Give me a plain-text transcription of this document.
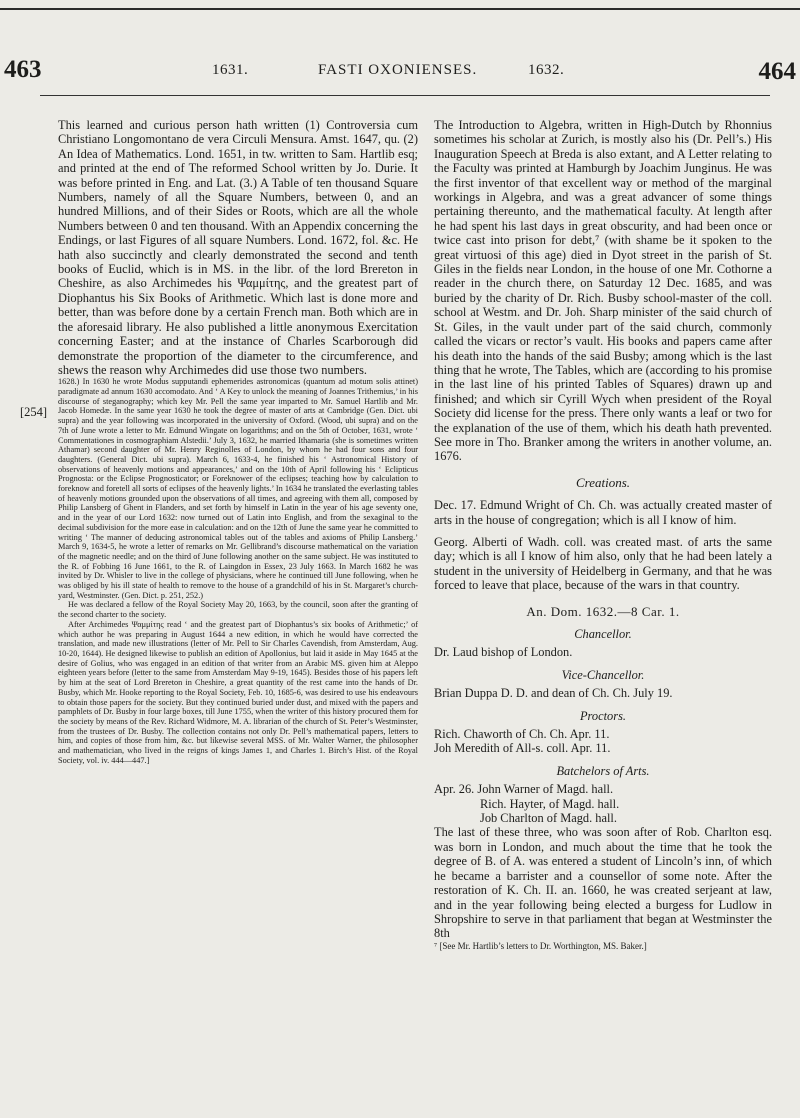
463	1631.	FASTI OXONIENSES.	1632.	464
[254]

This learned and curious person hath written (1) Controversia cum Christiano Longomontano de vera Circuli Mensura. Amst. 1647, qu. (2) An Idea of Mathematics. Lond. 1651, in tw. written to Sam. Hartlib esq; and printed at the end of The reformed School written by Jo. Durie. It was before printed in Eng. and Lat. (3.) A Table of ten thousand Square Numbers, namely of all the Square Numbers, between 0, and an hundred Millions, and of their Sides or Roots, which are all the whole Numbers between 0 and ten thousand. With an Appendix concerning the Endings, or last Figures of all square Numbers. Lond. 1672, fol. &c. He hath also succinctly and clearly demonstrated the second and tenth books of Euclid, which is in MS. in the libr. of the lord Brereton in Cheshire, as also Archimedes his Ψαμμίτης, and the greatest part of Diophantus his Six Books of Arithmetic. Which last is done more and better, than was before done by a certain French man. Both which are in the aforesaid library. He also published a little anonymous Exercitation concerning Easter; and at the instance of Charles Scarborough did demonstrate the proportion of the diameter to the circumference, and shews the reason why Archimedes did use those two numbers.

1628.) In 1630 he wrote Modus supputandi ephemerides astronomicas (quantum ad motum solis attinet) paradigmate ad annum 1630 accomodato. And ‘ A Key to unlock the meaning of Joannes Trithemius,’ in his discourse of steganography; which key Mr. Pell the same year imparted to Mr. Samuel Hartlib and Mr. Jacob Homedæ. In the same year 1630 he took the degree of master of arts at Cambridge (Gen. Dict. ubi supra) and the year following was incorporated in the university of Oxford. (Wood, ubi supra) and on the 7th of June wrote a letter to Mr. Edmund Wingate on logarithms; and on the 5th of October, 1631, wrote ‘ Commentationes in cosmographiam Alstedii.’ July 3, 1632, he married Ithamaria (she is sometimes written Athamar) second daughter of Mr. Henry Reginolles of London, by whom he had four sons and four daughters. (General Dict. ubi supra). March 6, 1633-4, he finished his ‘ Astronomical History of observations of heavenly motions and appearances,’ and on the 10th of April following his ‘ Eclipticus Prognosta: or the Eclipse Prognosticator; or Foreknower of the eclipses; teaching how by calculation to foreknow and foretell all sorts of eclipses of the heavenly lights.’ In 1634 he translated the everlasting tables of heavenly motions grounded upon the observations of all times, and agreeing with them all, composed by Philip Lansberg of Ghent in Flanders, and set forth by himself in Latin in the year of his age seventy one, and in the year of our Lord 1632: now turned out of Latin into English, and from the sexaginal to the decimal subdivision for the more ease in calculation: and on the 12th of June the same year he committed to writing ‘ The manner of deducing astronomical tables out of the tables and axioms of Philip Lansberg.’ March 9, 1634-5, he wrote a letter of remarks on Mr. Gellibrand’s discourse mathematical on the variation of the magnetic needle; and on the third of June following another on the same subject. He was instituted to the R. of Fobbing 16 June 1661, to the R. of Laingdon in Essex, 23 July 1663. In March 1682 he was invited by Dr. Whisler to live in the college of physicians, where he continued till June following, when he was obliged by his ill state of health to remove to the house of a grandchild of his in St. Margaret’s church-yard, Westminster. (Gen. Dict. p. 251, 252.)

He was declared a fellow of the Royal Society May 20, 1663, by the council, soon after the granting of the second charter to the society.

After Archimedes Ψαμμίτης read ‘ and the greatest part of Diophantus’s six books of Arithmetic;’ of which author he was preparing in August 1644 a new edition, in which he would have corrected the translation, and made new illustrations (letter of Mr. Pell to Sir Charles Cavendish, from Amsterdam, Aug. 10-20, 1644). He designed likewise to publish an edition of Apollonius, but laid it aside in May 1645 at the desire of Golius, who was engaged in an edition of that writer from an Arabic MS. given him at Aleppo eighteen years before (letter to the same from Amsterdam May 9-19, 1645). Besides those of his papers left by him at the seat of Lord Brereton in Cheshire, a great quantity of the rest came into the hands of Dr. Busby, which Mr. Hooke reporting to the Royal Society, Feb. 10, 1685-6, was desired to use his endeavours to obtain those papers for the society. But they continued buried under dust, and mixed with the papers and pamphlets of Dr. Busby in four large boxes, till June 1755, when the writer of this history procured them for the society by means of the Rev. Richard Widmore, M. A. librarian of the church of St. Peter’s Westminster, from the trustees of Dr. Busby. The collection contains not only Dr. Pell’s mathematical papers, letters to him, and copies of those from him, &c. but likewise several MSS. of Mr. Walter Warner, the philosopher and mathematician, who lived in the reigns of kings James 1, and Charles 1. Birch’s Hist. of the Royal Society, vol. iv. 444—447.]

The Introduction to Algebra, written in High-Dutch by Rhonnius sometimes his scholar at Zurich, is mostly also his (Dr. Pell’s.) His Inauguration Speech at Breda is also extant, and A Letter relating to the Faculty was printed at Hamburgh by Joachim Junginus. He was the first inventor of that excellent way or method of the marginal workings in Algebra, and was a great advancer of some things pertaining thereunto, and the mathematical faculty. At length after he had spent his last days in great obscurity, and had been once or twice cast into prison for debt,⁷ (with shame be it spoken to the great virtuosi of this age) died in Dyot street in the parish of St. Giles in the fields near London, in the house of one Mr. Cothorne a reader in the church there, on Saturday 12 Dec. 1685, and was buried by the charity of Dr. Rich. Busby school-master of the coll. school at Westm. and Dr. Joh. Sharp minister of the said church of St. Giles, in the vault under part of the said church, commonly called the vicars or rector’s vault. His books and papers came after his death into the hands of the said Busby; among which is the last thing that he wrote, The Tables, which are (according to his promise in the last line of his printed Tables of Squares) drawn up and finished; and which sir Cyrill Wych when president of the Royal Society did license for the press. There only wants a leaf or two for the explanation of the use of them, which his death hath prevented. See more in Tho. Branker among the writers in another volume, an. 1676.

Creations.

Dec. 17. Edmund Wright of Ch. Ch. was actually created master of arts in the house of congregation; which is all I know of him.

Georg. Alberti of Wadh. coll. was created mast. of arts the same day; which is all I know of him also, only that he had been lately a student in the university of Heidelberg in Germany, and that he was forced to leave that place, because of the wars in that country.

An. Dom. 1632.—8 Car. 1.

Chancellor.

Dr. Laud bishop of London.

Vice-Chancellor.

Brian Duppa D. D. and dean of Ch. Ch. July 19.

Proctors.

Rich. Chaworth of Ch. Ch. Apr. 11.

Joh Meredith of All-s. coll. Apr. 11.

Batchelors of Arts.

Apr. 26. John Warner of Magd. hall.

Rich. Hayter, of Magd. hall.

Job Charlton of Magd. hall.

The last of these three, who was soon after of Rob. Charlton esq. was born in London, and much about the time that he took the degree of B. of A. was entered a student of Lincoln’s inn, of which he became a barrister and a counsellor of some note. After the restoration of K. Ch. II. an. 1660, he was created serjeant at law, and in the year following being elected a burgess for Ludlow in Shropshire to serve in that parliament that began at Westminster the 8th

⁷ [See Mr. Hartlib’s letters to Dr. Worthington, MS. Baker.]
